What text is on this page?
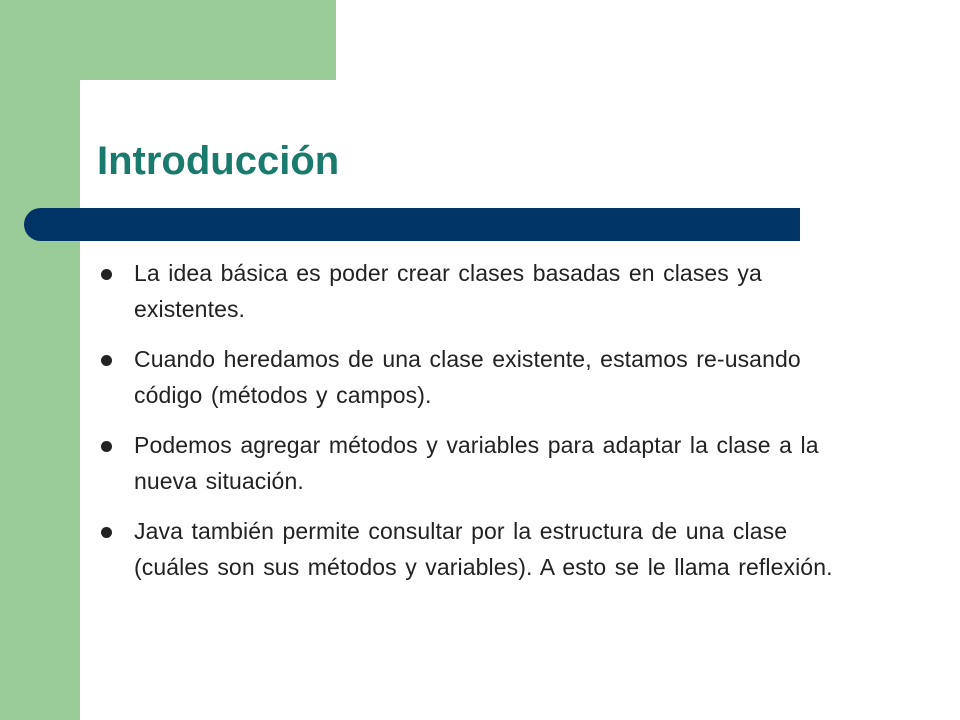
Introducción
La idea básica es poder crear clases basadas en clases ya existentes.
Cuando heredamos de una clase existente, estamos re-usando código (métodos y campos).
Podemos agregar métodos y variables para adaptar la clase a la nueva situación.
Java también permite consultar por la estructura de una clase (cuáles son sus métodos y variables). A esto se le llama reflexión.
